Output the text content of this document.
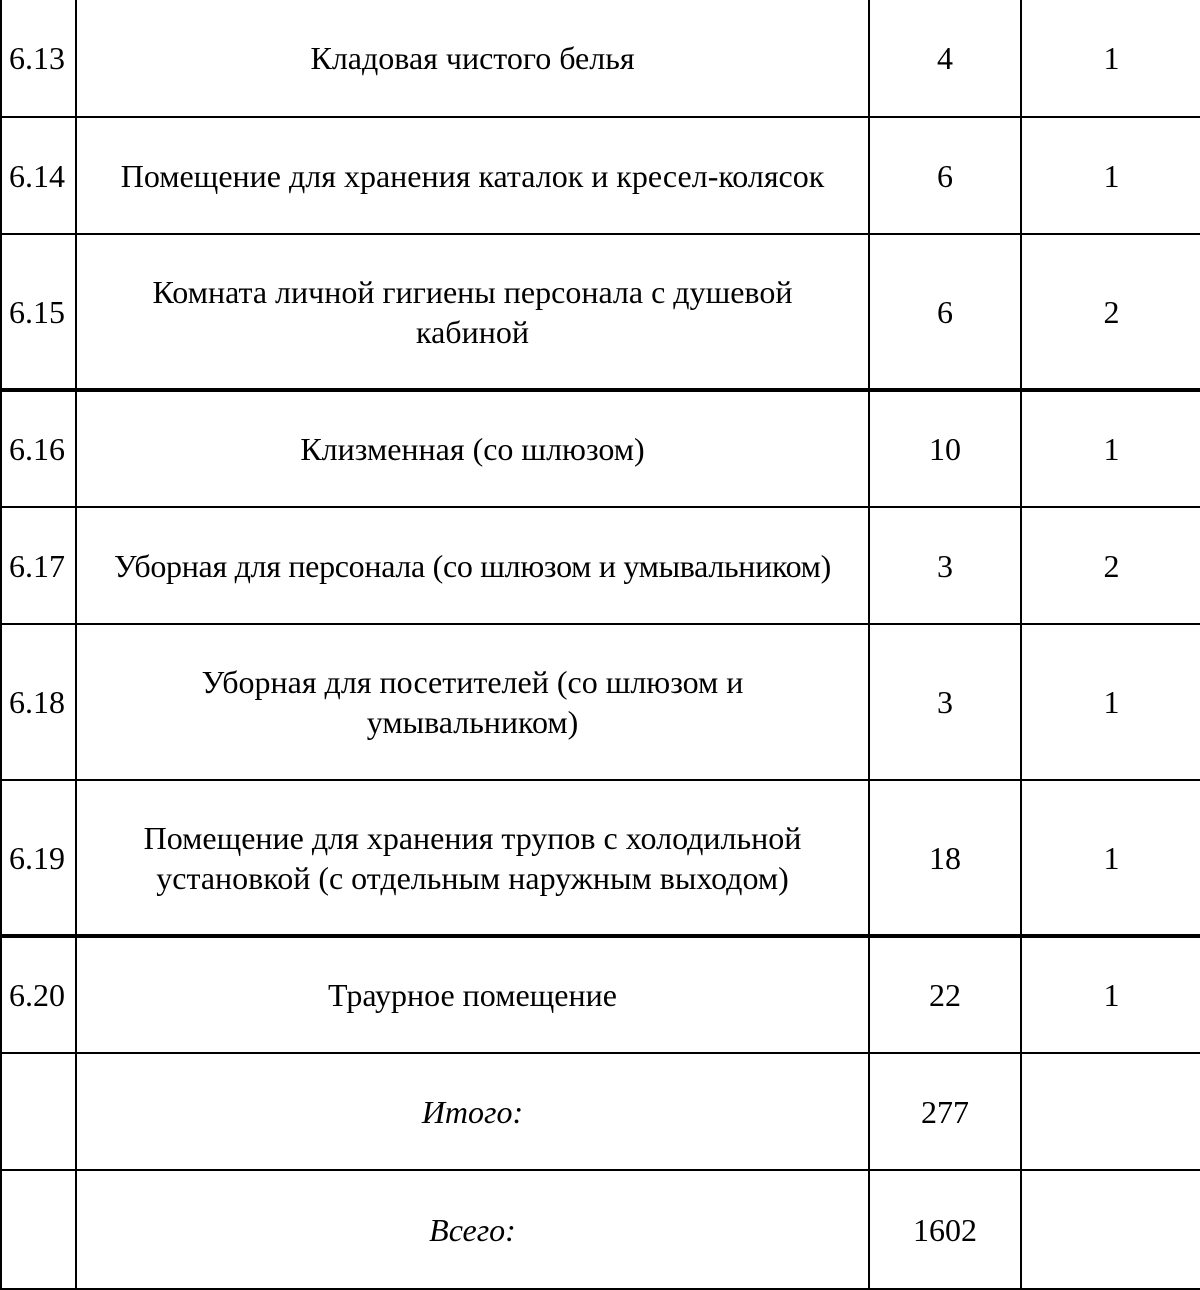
6.13	Кладовая чистого белья	4	1
6.14	Помещение для хранения каталок и кресел-колясок	6	1
6.15	Комната личной гигиены персонала с душевой кабиной	6	2
6.16	Клизменная (со шлюзом)	10	1
6.17	Уборная для персонала (со шлюзом и умывальником)	3	2
6.18	Уборная для посетителей (со шлюзом и умывальником)	3	1
6.19	Помещение для хранения трупов с холодильной установкой (с отдельным наружным выходом)	18	1
6.20	Траурное помещение	22	1
	Итого:	277	
	Всего:	1602	
